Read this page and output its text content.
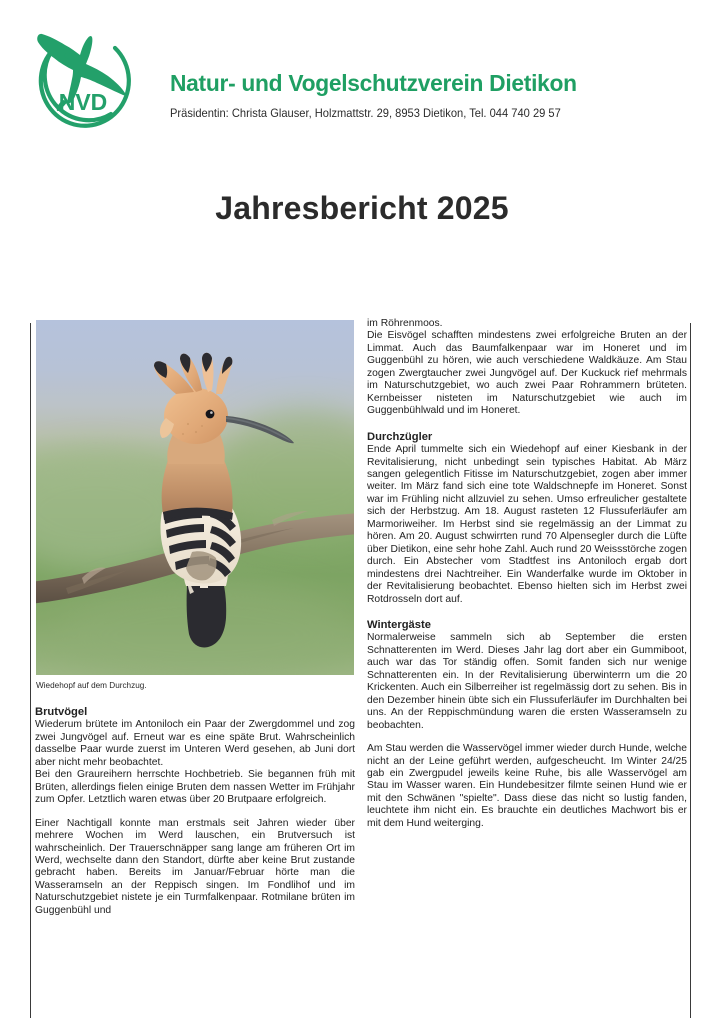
NVD
Natur- und Vogelschutzverein Dietikon
Präsidentin: Christa Glauser, Holzmattstr. 29, 8953 Dietikon, Tel. 044 740 29 57
Jahresbericht 2025
Wiedehopf auf dem Durchzug.
Brutvögel

Wiederum brütete im Antoniloch ein Paar der Zwergdommel und zog zwei Jungvögel auf. Erneut war es eine späte Brut. Wahrscheinlich dasselbe Paar wurde zuerst im Unteren Werd gesehen, ab Juni dort aber nicht mehr beobachtet.

Bei den Graureihern herrschte Hochbetrieb. Sie begannen früh mit Brüten, allerdings fielen einige Bruten dem nassen Wetter im Frühjahr zum Opfer. Letztlich waren etwas über 20 Brutpaare erfolgreich.

Einer Nachtigall konnte man erstmals seit Jahren wieder über mehrere Wochen im Werd lauschen, ein Brutversuch ist wahrscheinlich. Der Trauerschnäpper sang lange am früheren Ort im Werd, wechselte dann den Standort, dürfte aber keine Brut zustande gebracht haben. Bereits im Januar/Februar hörte man die Wasseramseln an der Reppisch singen. Im Fondlihof und im Naturschutzgebiet nistete je ein Turmfalkenpaar. Rotmilane brüten im Guggenbühl und

im Röhrenmoos.

Die Eisvögel schafften mindestens zwei erfolgreiche Bruten an der Limmat. Auch das Baumfalkenpaar war im Honeret und im Guggenbühl zu hören, wie auch verschiedene Waldkäuze. Am Stau zogen Zwergtaucher zwei Jungvögel auf. Der Kuckuck rief mehrmals im Naturschutzgebiet, wo auch zwei Paar Rohrammern brüteten. Kernbeisser nisteten im Naturschutzgebiet wie auch im Guggenbühlwald und im Honeret.

Durchzügler

Ende April tummelte sich ein Wiedehopf auf einer Kiesbank in der Revitalisierung, nicht unbedingt sein typisches Habitat. Ab März sangen gelegentlich Fitisse im Naturschutzgebiet, zogen aber immer weiter. Im März fand sich eine tote Waldschnepfe im Honeret. Sonst war im Frühling nicht allzuviel zu sehen. Umso erfreulicher gestaltete sich der Herbstzug. Am 18. August rasteten 12 Flussuferläufer am Marmoriweiher. Im Herbst sind sie regelmässig an der Limmat zu hören. Am 20. August schwirrten rund 70 Alpensegler durch die Lüfte über Dietikon, eine sehr hohe Zahl. Auch rund 20 Weissstörche zogen durch. Ein Abstecher vom Stadtfest ins Antoniloch ergab dort mindestens drei Nachtreiher. Ein Wanderfalke wurde im Oktober in der Revitalisierung beobachtet. Ebenso hielten sich im Herbst zwei Rotdrosseln dort auf.

Wintergäste

Normalerweise sammeln sich ab September die ersten Schnatterenten im Werd. Dieses Jahr lag dort aber ein Gummiboot, auch war das Tor ständig offen. Somit fanden sich nur wenige Schnatterenten ein. In der Revitalisierung überwinterrn um die 20 Krickenten. Auch ein Silberreiher ist regelmässig dort zu sehen. Bis in den Dezember hinein übte sich ein Flussuferläufer im Durchhalten bei uns. An der Reppischmündung waren die ersten Wasseramseln zu beobachten.

Am Stau werden die Wasservögel immer wieder durch Hunde, welche nicht an der Leine geführt werden, aufgescheucht. Im Winter 24/25 gab ein Zwergpudel jeweils keine Ruhe, bis alle Wasservögel am Stau im Wasser waren. Ein Hundebesitzer filmte seinen Hund wie er mit den Schwänen "spielte". Dass diese das nicht so lustig fanden, leuchtete ihm nicht ein. Es brauchte ein deutliches Machwort bis er mit dem Hund weiterging.
